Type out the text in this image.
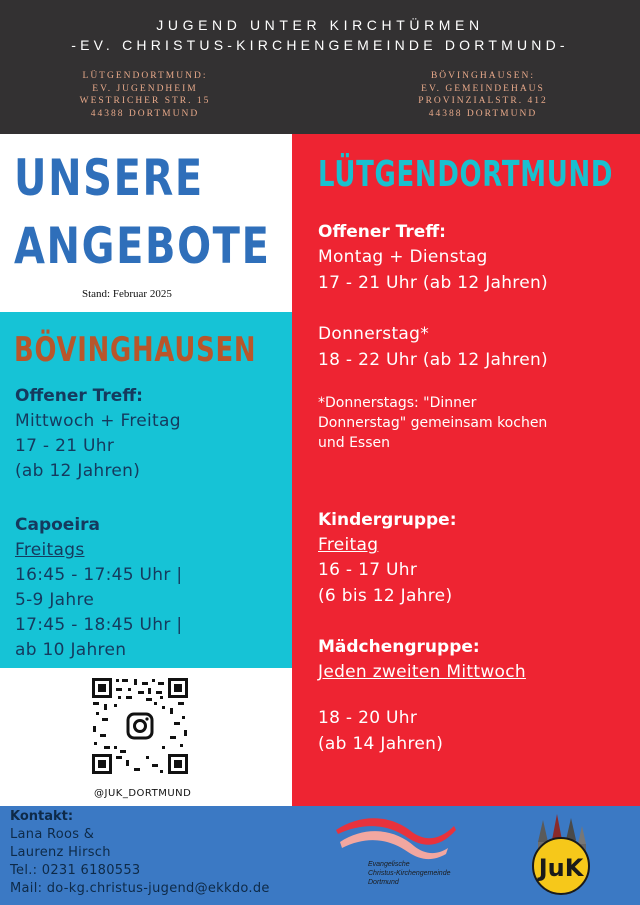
JUGEND UNTER KIRCHTÜRMEN
-EV. CHRISTUS-KIRCHENGEMEINDE DORTMUND-
LÜTGENDORTMUND:
EV. JUGENDHEIM
WESTRICHER STR. 15
44388 DORTMUND
BÖVINGHAUSEN:
EV. GEMEINDEHAUS
PROVINZIALSTR. 412
44388 DORTMUND
UNSERE
ANGEBOTE
Stand: Februar 2025
BÖVINGHAUSEN
Offener Treff:
Mittwoch + Freitag
17 - 21 Uhr
(ab 12 Jahren)
Capoeira
Freitags
16:45 - 17:45 Uhr |
5-9 Jahre
17:45 - 18:45 Uhr |
ab 10 Jahren
@JUK_DORTMUND
LÜTGENDORTMUND
Offener Treff:
Montag + Dienstag
17 - 21 Uhr (ab 12 Jahren)
Donnerstag*
18 - 22 Uhr (ab 12 Jahren)
*Donnerstags: "Dinner
Donnerstag" gemeinsam kochen
und Essen
Kindergruppe:
Freitag
16 - 17 Uhr
(6 bis 12 Jahre)
Mädchengruppe:
Jeden zweiten Mittwoch
18 - 20 Uhr
(ab 14 Jahren)
Kontakt:
Lana Roos &
Laurenz Hirsch
Tel.: 0231 6180553
Mail: do-kg.christus-jugend@ekkdo.de
Evangelische
Christus-Kirchengemeinde
Dortmund
JuK
